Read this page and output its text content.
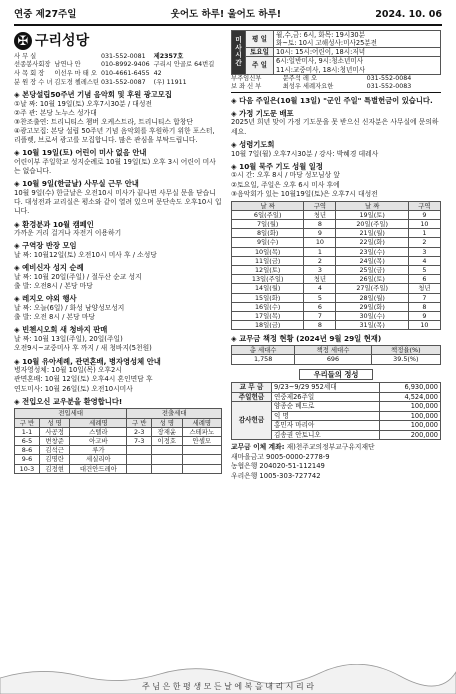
연중 제27주일	웃어도 하루! 울어도 하루!	2024. 10. 06
✠ 구리성당
사 무 실		031-552-0081
선종봉사회장	남연나 안	010-8992-9406
사 목 회 장	이선우 마 태 오	010-4661-6455
분 원 장 수 녀	김도경 첼레스틴	031-552-0087
제2357호
구리시 안골로 64번길42
(우) 11911
◈ 본당설립50주년 기념 음악회 및 후원 광고모집
①날 짜: 10월 19일(토) 오후7시30분 / 대성전
②주 관: 본당 노누스 성가대
③찬조출연: 트리니티스 챔버 오케스트라, 트리니티스 합창단
④광고모집: 본당 설립 50주년 기념 음악회를 후원하기 위한 포스터, 리플렛, 브로셔 광고를 모집합니다. 많은 관심을 부탁드립니다.
◈ 10월 19일(토) 어린이 미사 없음 안내
어린이부 주일학교 성지순례로 10월 19일(토) 오후 3시 어린이 미사는 없습니다.
◈ 10월 9일(한글날) 사무실 근무 안내
10월 9일(수) 한글날은 오전10시 미사가 끝나면 사무실 문을 닫습니다. 대성전과 교리실은 평소와 같이 열려 있으며 문단속도 오후10시 입니다.
◈ 환경분과 10월 캠페인
가까운 거리 걸거나 자전거 이용하기
◈ 구역장 반장 모임
날 짜: 10월12일(토) 오전10시 미사 후 / 소성당
◈ 예비신자 성지 순례
날 짜: 10월 20일(주일) / 절두산 순교 성지
출 발: 오전8시 / 본당 마당
◈ 레지오 야외 행사
날 짜: 오늘(6일) / 화성 남양성모성지
출 발: 오전 8시 / 본당 마당
◈ 빈첸시오회 새 청바지 판매
날 짜: 10월 13일(주일), 20일(주일)
오전9시~교중미사 후 까지 / 새 청바지(5천원)
◈ 10월 유아세례, 관면혼배, 병자영성체 안내
병자영성체: 10월 10일(목) 오후2시
관면혼배: 10월 12일(토) 오후4시 혼인면담 후
연도미사: 10월 26일(토) 오전10시미사
◈ 전입오신 교우분을 환영합니다!
전입세대			전출세대		
구 반	성 명	세례명	구 반	성 명	세례명
1-1	사공정	스텔라	2-3	장재윤	스테파노
6-5	변창준	아고바	7-3	이정호	안셀모
8-6	김석근	루가			
9-6	김명란	세실리아			
10-3	김정현	대건안드레아			
미사시간	평 일	월,수,금: 6시, 화목: 19시30분
화~토: 10시 고해성사:미사25분전
	토요일	10시: 15시:어린이, 18시:저녁
	주 일	6시:일반미사, 9시:청소년미사
11시:교중미사, 18시:청년미사
부주임신부	문주석 레 오	031-552-0084
보 좌 신 부	최성우 세례자요한	031-552-0083
◈ 다음 주일은(10월 13일) "군인 주일" 특별헌금이 있습니다.
◈ 가정 기도문 배포
2025년 희년 맞이 가정 기도문을 못 받으신 신자분은 사무실에 문의하세요.
◈ 성령기도회
10월 7일(월) 오후7시30분 / 강사: 박혜경 데레사
◈ 10월 묵주 기도 성월 일정
①시 간: 오후 8시 / 마당 성모님상 앞
②토요일, 주일은 오후 6시 미사 후에
③음악회가 있는 10월19일(토)은 오후7시 대성전
날 짜	구역	날 짜	구역
6일(주일)	청년	19일(토)	9
7일(월)	8	20일(주일)	10
8일(화)	9	21일(월)	1
9일(수)	10	22일(화)	2
10일(목)	1	23일(수)	3
11일(금)	2	24일(목)	4
12일(토)	3	25일(금)	5
13일(주일)	청년	26일(토)	6
14일(월)	4	27일(주일)	청년
15일(화)	5	28일(월)	7
16일(수)	6	29일(화)	8
17일(목)	7	30일(수)	9
18일(금)	8	31일(목)	10
◈ 교무금 책정 현황 (2024년 9월 29일 현재)
총 세대수	책정 세대수	책정율(%)
1,758	696	39.5(%)
우리들의 정성
교 무 금	9/23~9/29 952세대	6,930,000
주일헌금	연중제26주일	4,524,000
감사헌금	양종순 베드로	100,000
	익 명	100,000
	홍민자 마리아	100,000
	김송권 안토니오	200,000
교무금 이체 계좌: 재)천주교의정부교구유지재단
새마을금고 9005-0000-2778-9
농협은행 204020-51-112149
우리은행 1005-303-727742
주 님 은 한 평 생 모 든 날 에 복 을 내 리 시 리 라
